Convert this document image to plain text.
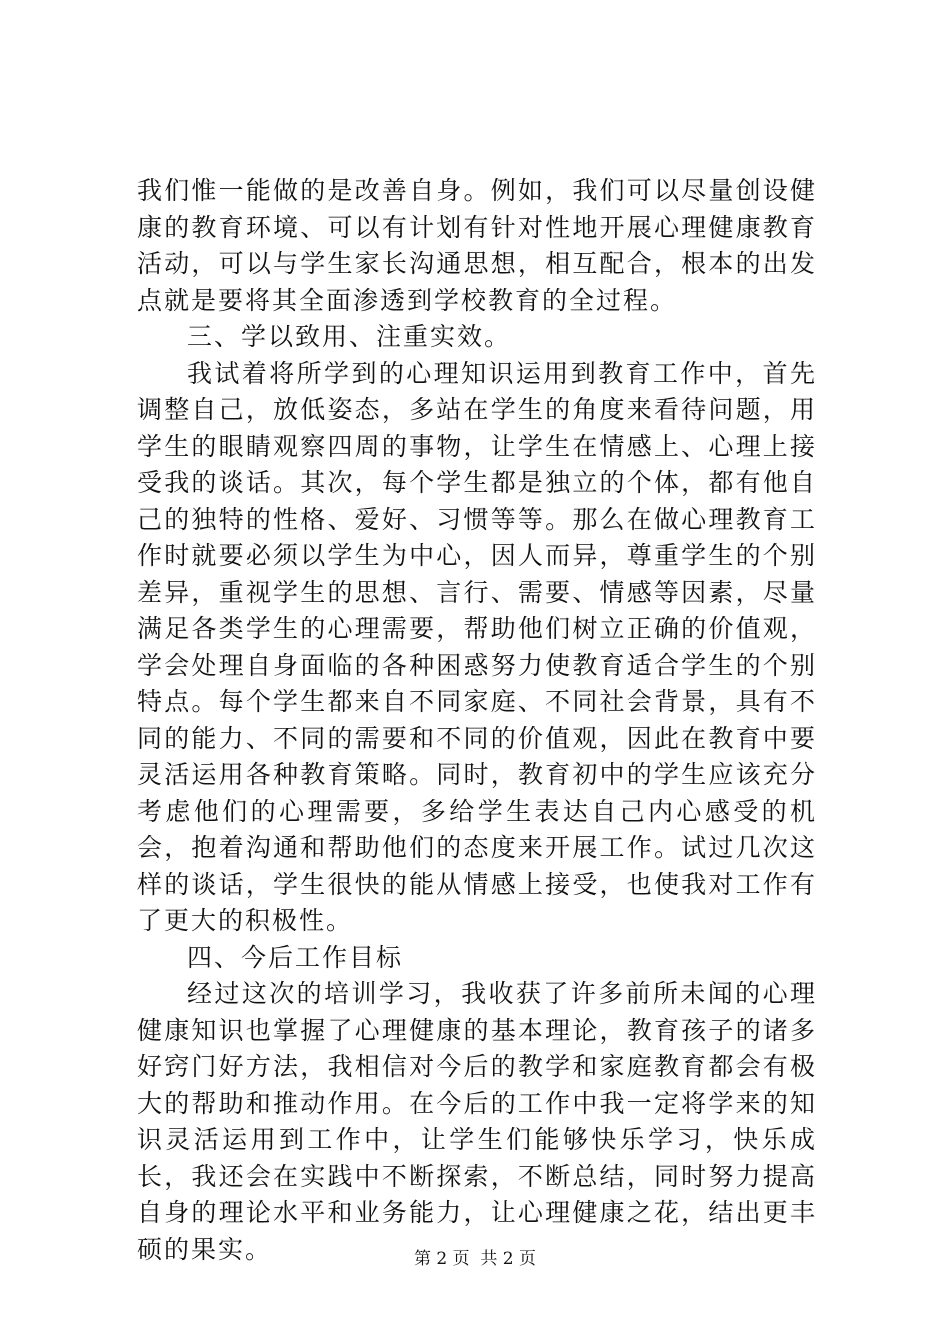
我们惟一能做的是改善自身。例如，我们可以尽量创设健康的教育环境、可以有计划有针对性地开展心理健康教育活动，可以与学生家长沟通思想，相互配合，根本的出发点就是要将其全面渗透到学校教育的全过程。

三、学以致用、注重实效。

我试着将所学到的心理知识运用到教育工作中，首先调整自己，放低姿态，多站在学生的角度来看待问题，用学生的眼睛观察四周的事物，让学生在情感上、心理上接受我的谈话。其次，每个学生都是独立的个体，都有他自己的独特的性格、爱好、习惯等等。那么在做心理教育工作时就要必须以学生为中心，因人而异，尊重学生的个别差异，重视学生的思想、言行、需要、情感等因素，尽量满足各类学生的心理需要，帮助他们树立正确的价值观，学会处理自身面临的各种困惑努力使教育适合学生的个别特点。每个学生都来自不同家庭、不同社会背景，具有不同的能力、不同的需要和不同的价值观，因此在教育中要灵活运用各种教育策略。同时，教育初中的学生应该充分考虑他们的心理需要，多给学生表达自己内心感受的机会，抱着沟通和帮助他们的态度来开展工作。试过几次这样的谈话，学生很快的能从情感上接受，也使我对工作有了更大的积极性。

四、今后工作目标

经过这次的培训学习，我收获了许多前所未闻的心理健康知识也掌握了心理健康的基本理论，教育孩子的诸多好窍门好方法，我相信对今后的教学和家庭教育都会有极大的帮助和推动作用。在今后的工作中我一定将学来的知识灵活运用到工作中，让学生们能够快乐学习，快乐成长，我还会在实践中不断探索，不断总结，同时努力提高自身的理论水平和业务能力，让心理健康之花，结出更丰硕的果实。	第 2 页  共 2 页
